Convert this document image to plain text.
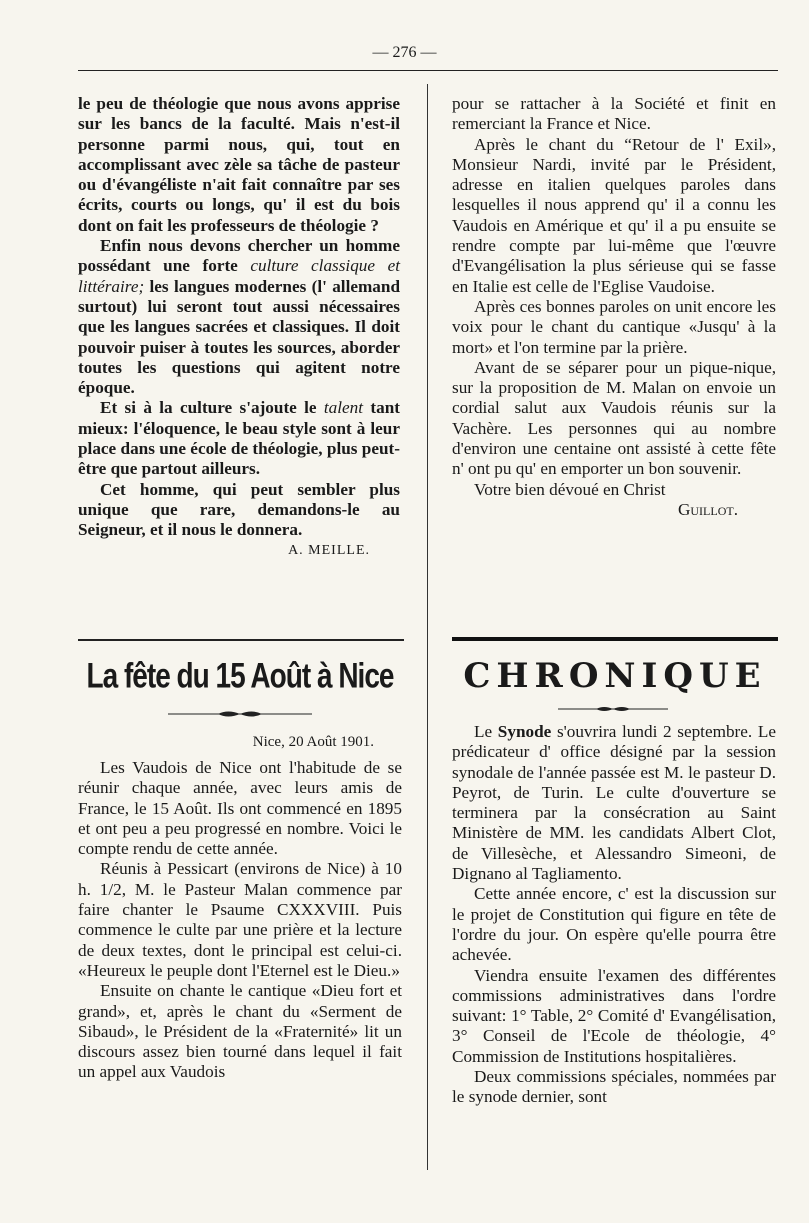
— 276 —

le peu de théologie que nous avons apprise sur les bancs de la faculté. Mais n'est-il personne parmi nous, qui, tout en accomplissant avec zèle sa tâche de pasteur ou d'évangéliste n'ait fait connaître par ses écrits, courts ou longs, qu' il est du bois dont on fait les professeurs de théologie ?

Enfin nous devons chercher un homme possédant une forte culture classique et littéraire; les langues modernes (l' allemand surtout) lui seront tout aussi nécessaires que les langues sacrées et classiques. Il doit pouvoir puiser à toutes les sources, aborder toutes les questions qui agitent notre époque.

Et si à la culture s'ajoute le talent tant mieux: l'éloquence, le beau style sont à leur place dans une école de théologie, plus peut-être que partout ailleurs.

Cet homme, qui peut sembler plus unique que rare, demandons-le au Seigneur, et il nous le donnera.

A. MEILLE.

pour se rattacher à la Société et finit en remerciant la France et Nice.

Après le chant du “Retour de l' Exil», Monsieur Nardi, invité par le Président, adresse en italien quelques paroles dans lesquelles il nous apprend qu' il a connu les Vaudois en Amérique et qu' il a pu ensuite se rendre compte par lui-même que l'œuvre d'Evangélisation la plus sérieuse qui se fasse en Italie est celle de l'Eglise Vaudoise.

Après ces bonnes paroles on unit encore les voix pour le chant du cantique «Jusqu' à la mort» et l'on termine par la prière.

Avant de se séparer pour un pique-nique, sur la proposition de M. Malan on envoie un cordial salut aux Vaudois réunis sur la Vachère. Les personnes qui au nombre d'environ une centaine ont assisté à cette fête n' ont pu qu' en emporter un bon souvenir.

Votre bien dévoué en Christ

Guillot.
La fête du 15 Août à Nice
Nice, 20 Août 1901.

Les Vaudois de Nice ont l'habitude de se réunir chaque année, avec leurs amis de France, le 15 Août. Ils ont commencé en 1895 et ont peu a peu progressé en nombre. Voici le compte rendu de cette année.

Réunis à Pessicart (environs de Nice) à 10 h. 1/2, M. le Pasteur Malan commence par faire chanter le Psaume CXXXVIII. Puis commence le culte par une prière et la lecture de deux textes, dont le principal est celui-ci. «Heureux le peuple dont l'Eternel est le Dieu.»

Ensuite on chante le cantique «Dieu fort et grand», et, après le chant du «Serment de Sibaud», le Président de la «Fraternité» lit un discours assez bien tourné dans lequel il fait un appel aux Vaudois

CHRONIQUE

Le Synode s'ouvrira lundi 2 septembre. Le prédicateur d' office désigné par la session synodale de l'année passée est M. le pasteur D. Peyrot, de Turin. Le culte d'ouverture se terminera par la consécration au Saint Ministère de MM. les candidats Albert Clot, de Villesèche, et Alessandro Simeoni, de Dignano al Tagliamento.

Cette année encore, c' est la discussion sur le projet de Constitution qui figure en tête de l'ordre du jour. On espère qu'elle pourra être achevée.

Viendra ensuite l'examen des différentes commissions administratives dans l'ordre suivant: 1° Table, 2° Comité d' Evangélisation, 3° Conseil de l'Ecole de théologie, 4° Commission de Institutions hospitalières.

Deux commissions spéciales, nommées par le synode dernier, sont
